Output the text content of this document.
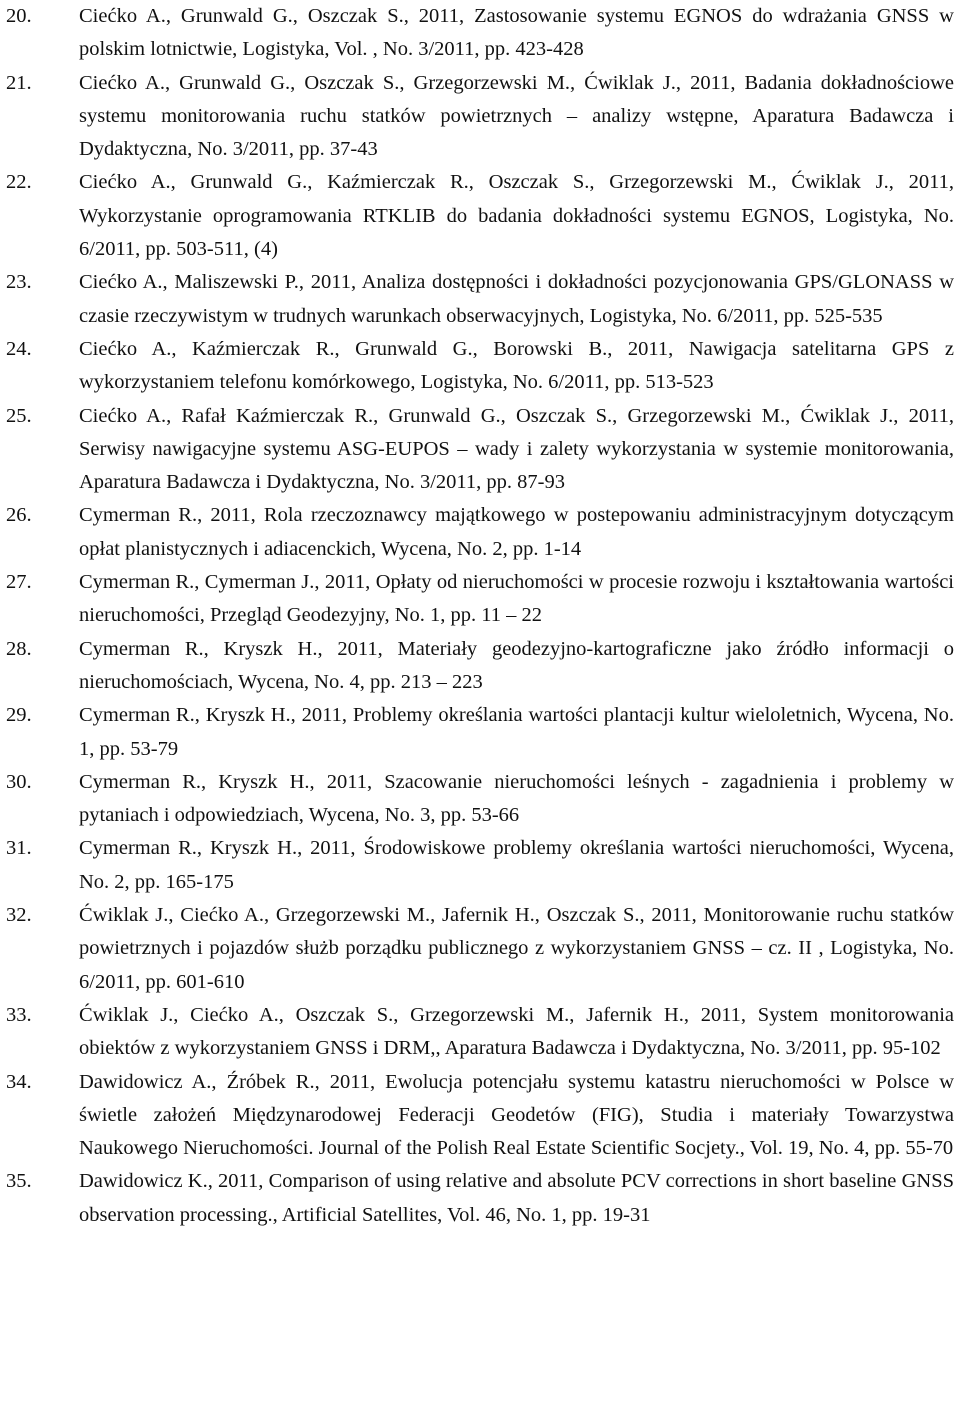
20.	Ciećko A., Grunwald G., Oszczak S., 2011, Zastosowanie systemu EGNOS do wdrażania GNSS w polskim lotnictwie, Logistyka, Vol. , No. 3/2011, pp. 423-428
21.	Ciećko A., Grunwald G., Oszczak S., Grzegorzewski M., Ćwiklak J., 2011, Badania dokładnościowe systemu monitorowania ruchu statków powietrznych – analizy wstępne, Aparatura Badawcza i Dydaktyczna, No. 3/2011, pp. 37-43
22.	Ciećko A., Grunwald G., Kaźmierczak R., Oszczak S., Grzegorzewski M., Ćwiklak J., 2011, Wykorzystanie oprogramowania RTKLIB do badania dokładności systemu EGNOS, Logistyka, No. 6/2011, pp. 503-511, (4)
23.	Ciećko A., Maliszewski P., 2011, Analiza dostępności i dokładności pozycjonowania GPS/GLONASS w czasie rzeczywistym w trudnych warunkach obserwacyjnych, Logistyka, No. 6/2011, pp. 525-535
24.	Ciećko A., Kaźmierczak R., Grunwald G., Borowski B., 2011, Nawigacja satelitarna GPS z wykorzystaniem telefonu komórkowego, Logistyka, No. 6/2011, pp. 513-523
25.	Ciećko A., Rafał Kaźmierczak R., Grunwald G., Oszczak S., Grzegorzewski M., Ćwiklak J., 2011, Serwisy nawigacyjne systemu ASG-EUPOS – wady i zalety wykorzystania w systemie monitorowania, Aparatura Badawcza i Dydaktyczna, No. 3/2011, pp. 87-93
26.	Cymerman R., 2011, Rola rzeczoznawcy majątkowego w postepowaniu administracyjnym dotyczącym opłat planistycznych i adiacenckich, Wycena, No. 2, pp. 1-14
27.	Cymerman R., Cymerman J., 2011, Opłaty od nieruchomości w procesie rozwoju i kształtowania wartości nieruchomości, Przegląd Geodezyjny, No. 1, pp. 11 – 22
28.	Cymerman R., Kryszk H., 2011, Materiały geodezyjno-kartograficzne jako źródło informacji o nieruchomościach, Wycena, No. 4, pp. 213 – 223
29.	Cymerman R., Kryszk H., 2011, Problemy określania wartości plantacji kultur wieloletnich, Wycena, No. 1, pp. 53-79
30.	Cymerman R., Kryszk H., 2011, Szacowanie nieruchomości leśnych - zagadnienia i problemy w pytaniach i odpowiedziach, Wycena, No. 3, pp. 53-66
31.	Cymerman R., Kryszk H., 2011, Środowiskowe problemy określania wartości nieruchomości, Wycena, No. 2, pp. 165-175
32.	Ćwiklak J., Ciećko A., Grzegorzewski M., Jafernik H., Oszczak S., 2011, Monitorowanie ruchu statków powietrznych i pojazdów służb porządku publicznego z wykorzystaniem GNSS – cz. II , Logistyka, No. 6/2011, pp. 601-610
33.	Ćwiklak J., Ciećko A., Oszczak S., Grzegorzewski M., Jafernik H., 2011, System monitorowania obiektów z wykorzystaniem GNSS i DRM,, Aparatura Badawcza i Dydaktyczna, No. 3/2011, pp. 95-102
34.	Dawidowicz A., Źróbek R., 2011, Ewolucja potencjału systemu katastru nieruchomości w Polsce w świetle założeń Międzynarodowej Federacji Geodetów (FIG), Studia i materiały Towarzystwa Naukowego Nieruchomości. Journal of the Polish Real Estate Scientific Socjety., Vol. 19, No. 4, pp. 55-70
35.	Dawidowicz K., 2011, Comparison of using relative and absolute PCV corrections in short baseline GNSS observation processing., Artificial Satellites, Vol. 46, No. 1, pp. 19-31
